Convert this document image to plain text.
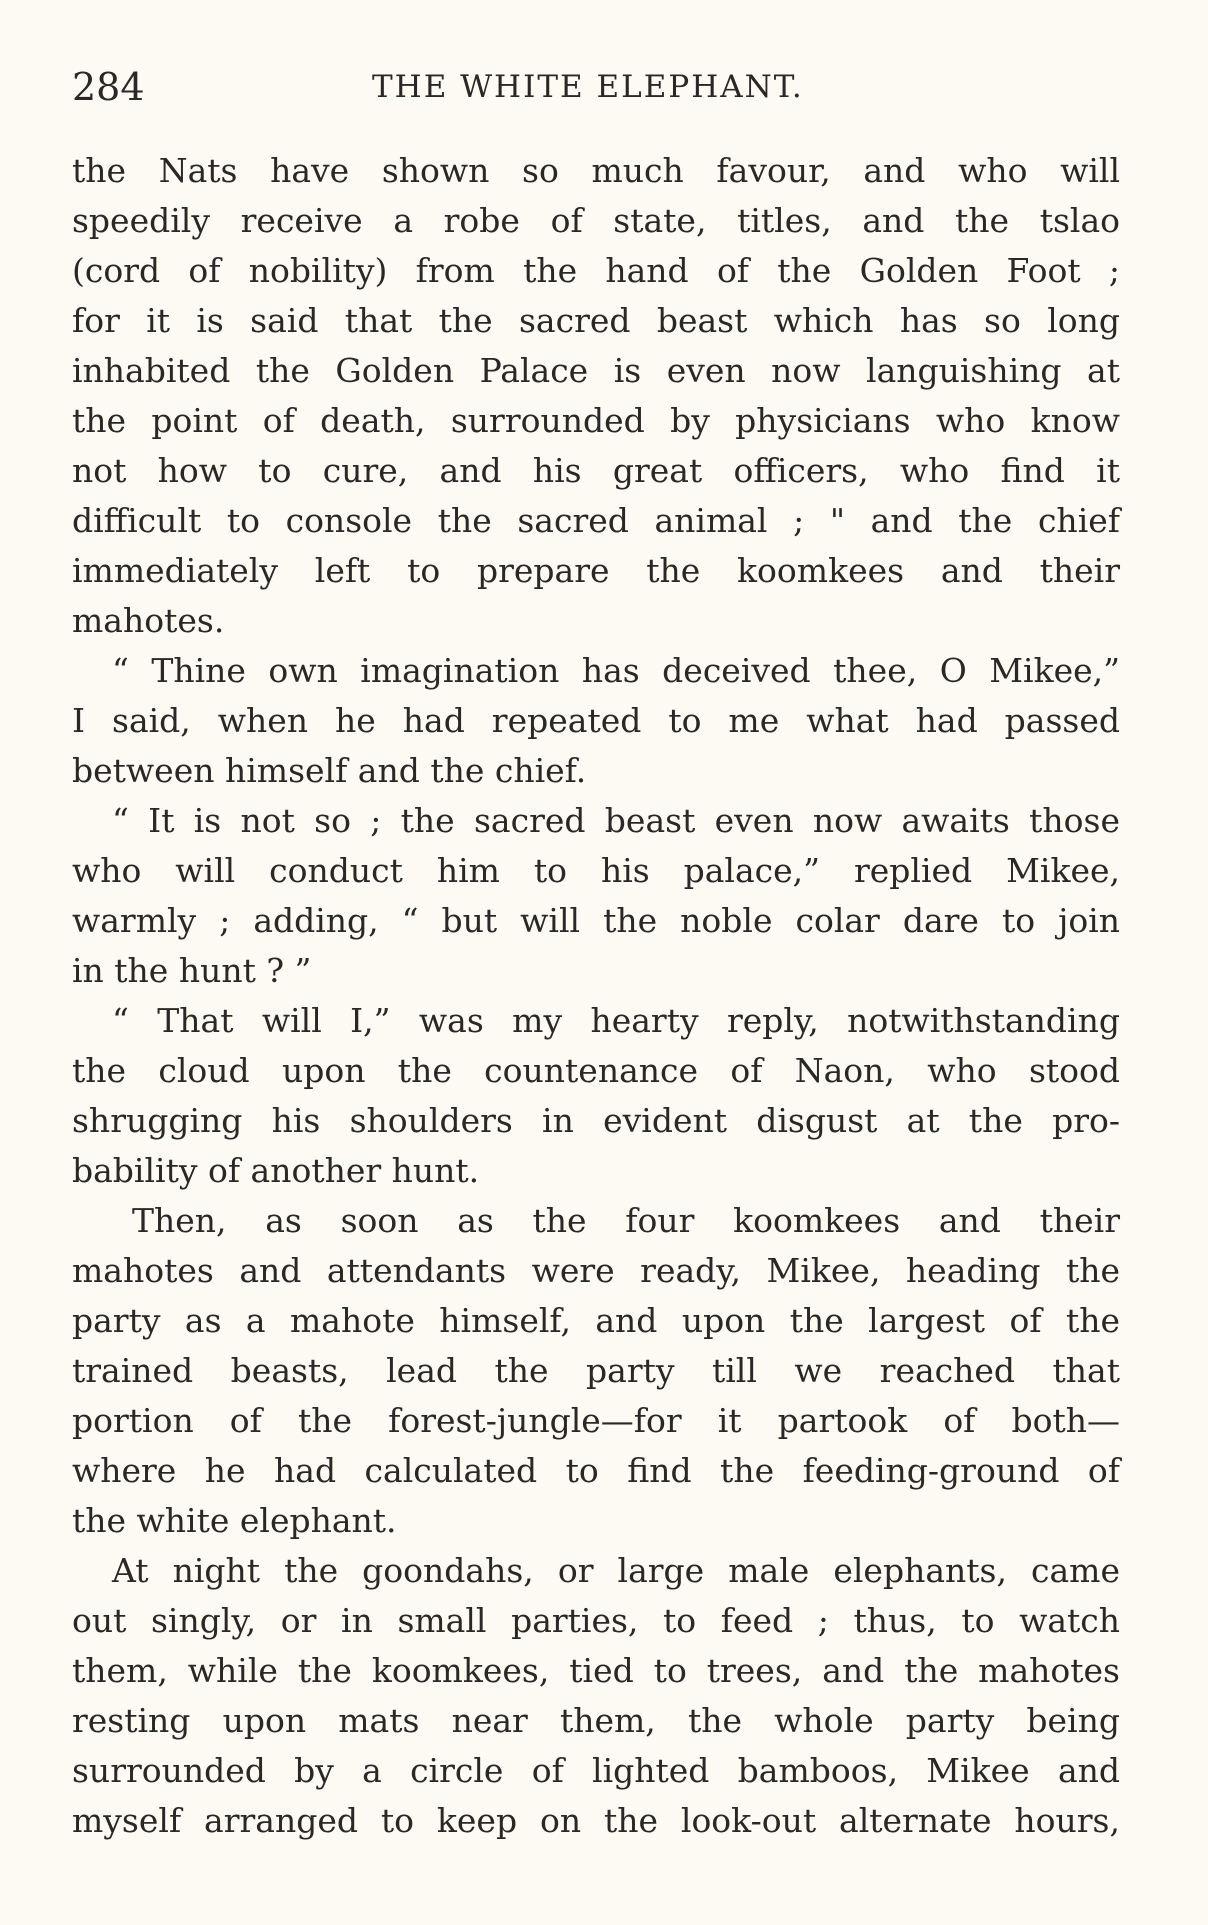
284	THE WHITE ELEPHANT.
the Nats have shown so much favour, and who will
speedily receive a robe of state, titles, and the tslao
(cord of nobility) from the hand of the Golden Foot ;
for it is said that the sacred beast which has so long
inhabited the Golden Palace is even now languishing at
the point of death, surrounded by physicians who know
not how to cure, and his great officers, who find it
difficult to console the sacred animal ; " and the chief
immediately left to prepare the koomkees and their
mahotes.
“ Thine own imagination has deceived thee, O Mikee,”
I said, when he had repeated to me what had passed
between himself and the chief.
“ It is not so ; the sacred beast even now awaits those
who will conduct him to his palace,” replied Mikee,
warmly ; adding, “ but will the noble colar dare to join
in the hunt ? ”
“ That will I,” was my hearty reply, notwithstanding
the cloud upon the countenance of Naon, who stood
shrugging his shoulders in evident disgust at the pro-
bability of another hunt.
Then, as soon as the four koomkees and their
mahotes and attendants were ready, Mikee, heading the
party as a mahote himself, and upon the largest of the
trained beasts, lead the party till we reached that
portion of the forest-jungle—for it partook of both—
where he had calculated to find the feeding-ground of
the white elephant.
At night the goondahs, or large male elephants, came
out singly, or in small parties, to feed ; thus, to watch
them, while the koomkees, tied to trees, and the mahotes
resting upon mats near them, the whole party being
surrounded by a circle of lighted bamboos, Mikee and
myself arranged to keep on the look-out alternate hours,
